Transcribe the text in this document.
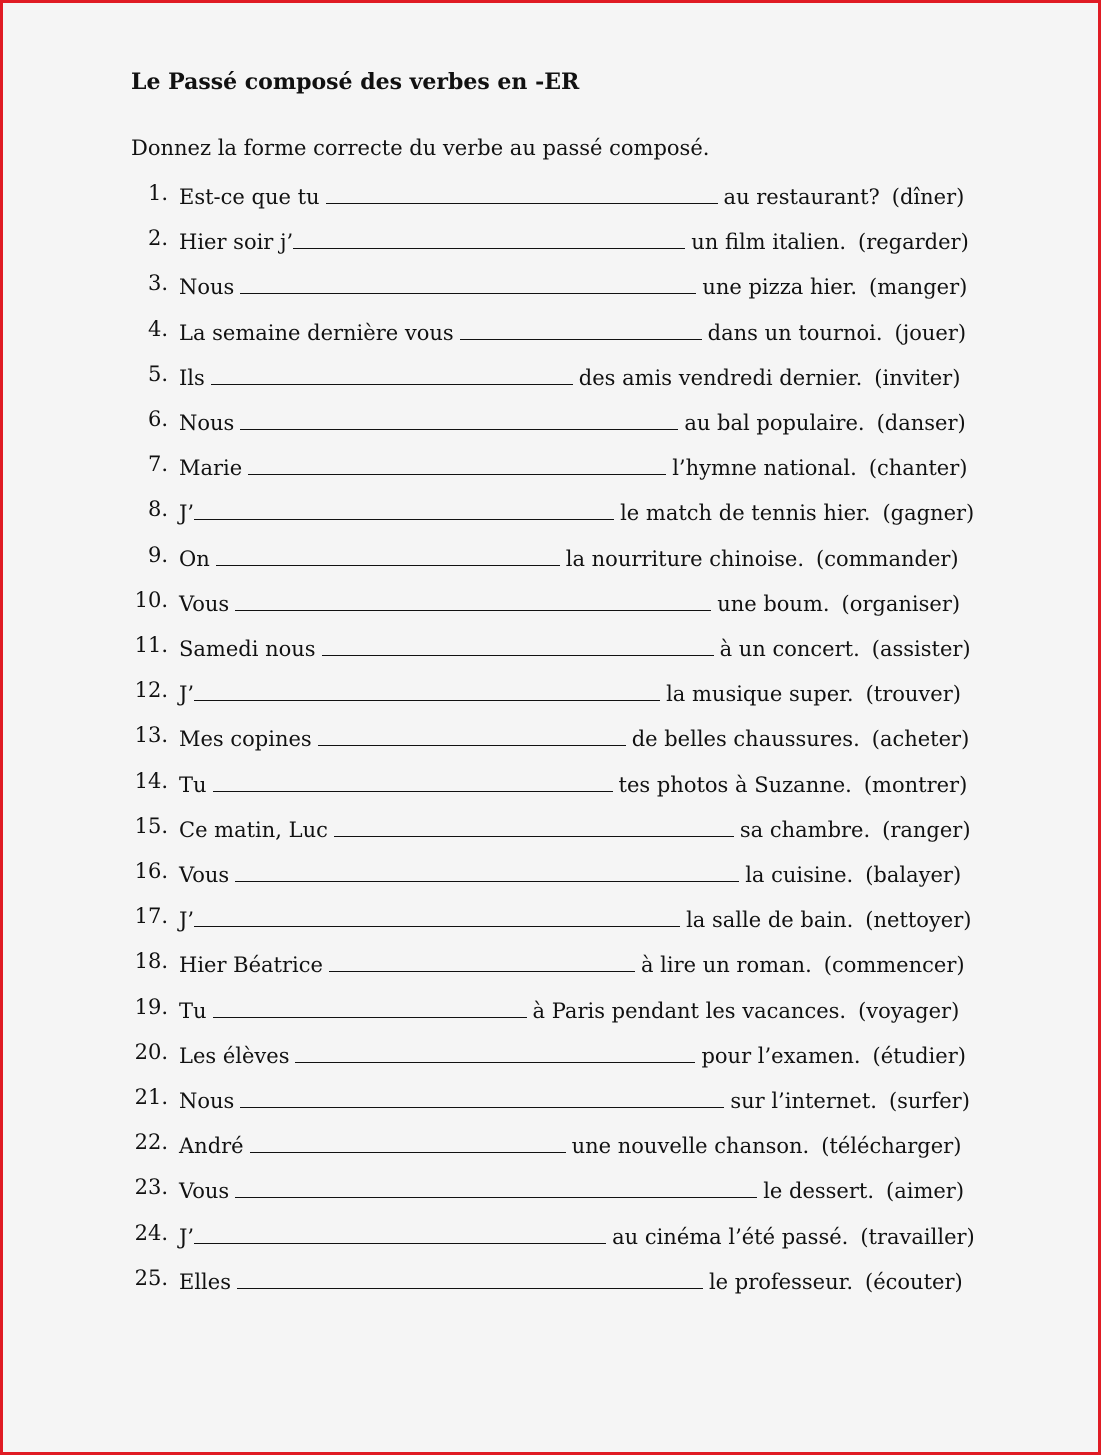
Le Passé composé des verbes en -ER
Donnez la forme correcte du verbe au passé composé.
1. Est-ce que tu	au restaurant? (dîner)
2. Hier soir j’	un film italien. (regarder)
3. Nous	une pizza hier. (manger)
4. La semaine dernière vous	dans un tournoi. (jouer)
5. Ils	des amis vendredi dernier. (inviter)
6. Nous	au bal populaire. (danser)
7. Marie	l’hymne national. (chanter)
8. J’	le match de tennis hier. (gagner)
9. On	la nourriture chinoise. (commander)
10. Vous	une boum. (organiser)
11. Samedi nous	à un concert. (assister)
12. J’	la musique super. (trouver)
13. Mes copines	de belles chaussures. (acheter)
14. Tu	tes photos à Suzanne. (montrer)
15. Ce matin, Luc	sa chambre. (ranger)
16. Vous	la cuisine. (balayer)
17. J’	la salle de bain. (nettoyer)
18. Hier Béatrice	à lire un roman. (commencer)
19. Tu	à Paris pendant les vacances. (voyager)
20. Les élèves	pour l’examen. (étudier)
21. Nous	sur l’internet. (surfer)
22. André	une nouvelle chanson. (télécharger)
23. Vous	le dessert. (aimer)
24. J’	au cinéma l’été passé. (travailler)
25. Elles	le professeur. (écouter)
